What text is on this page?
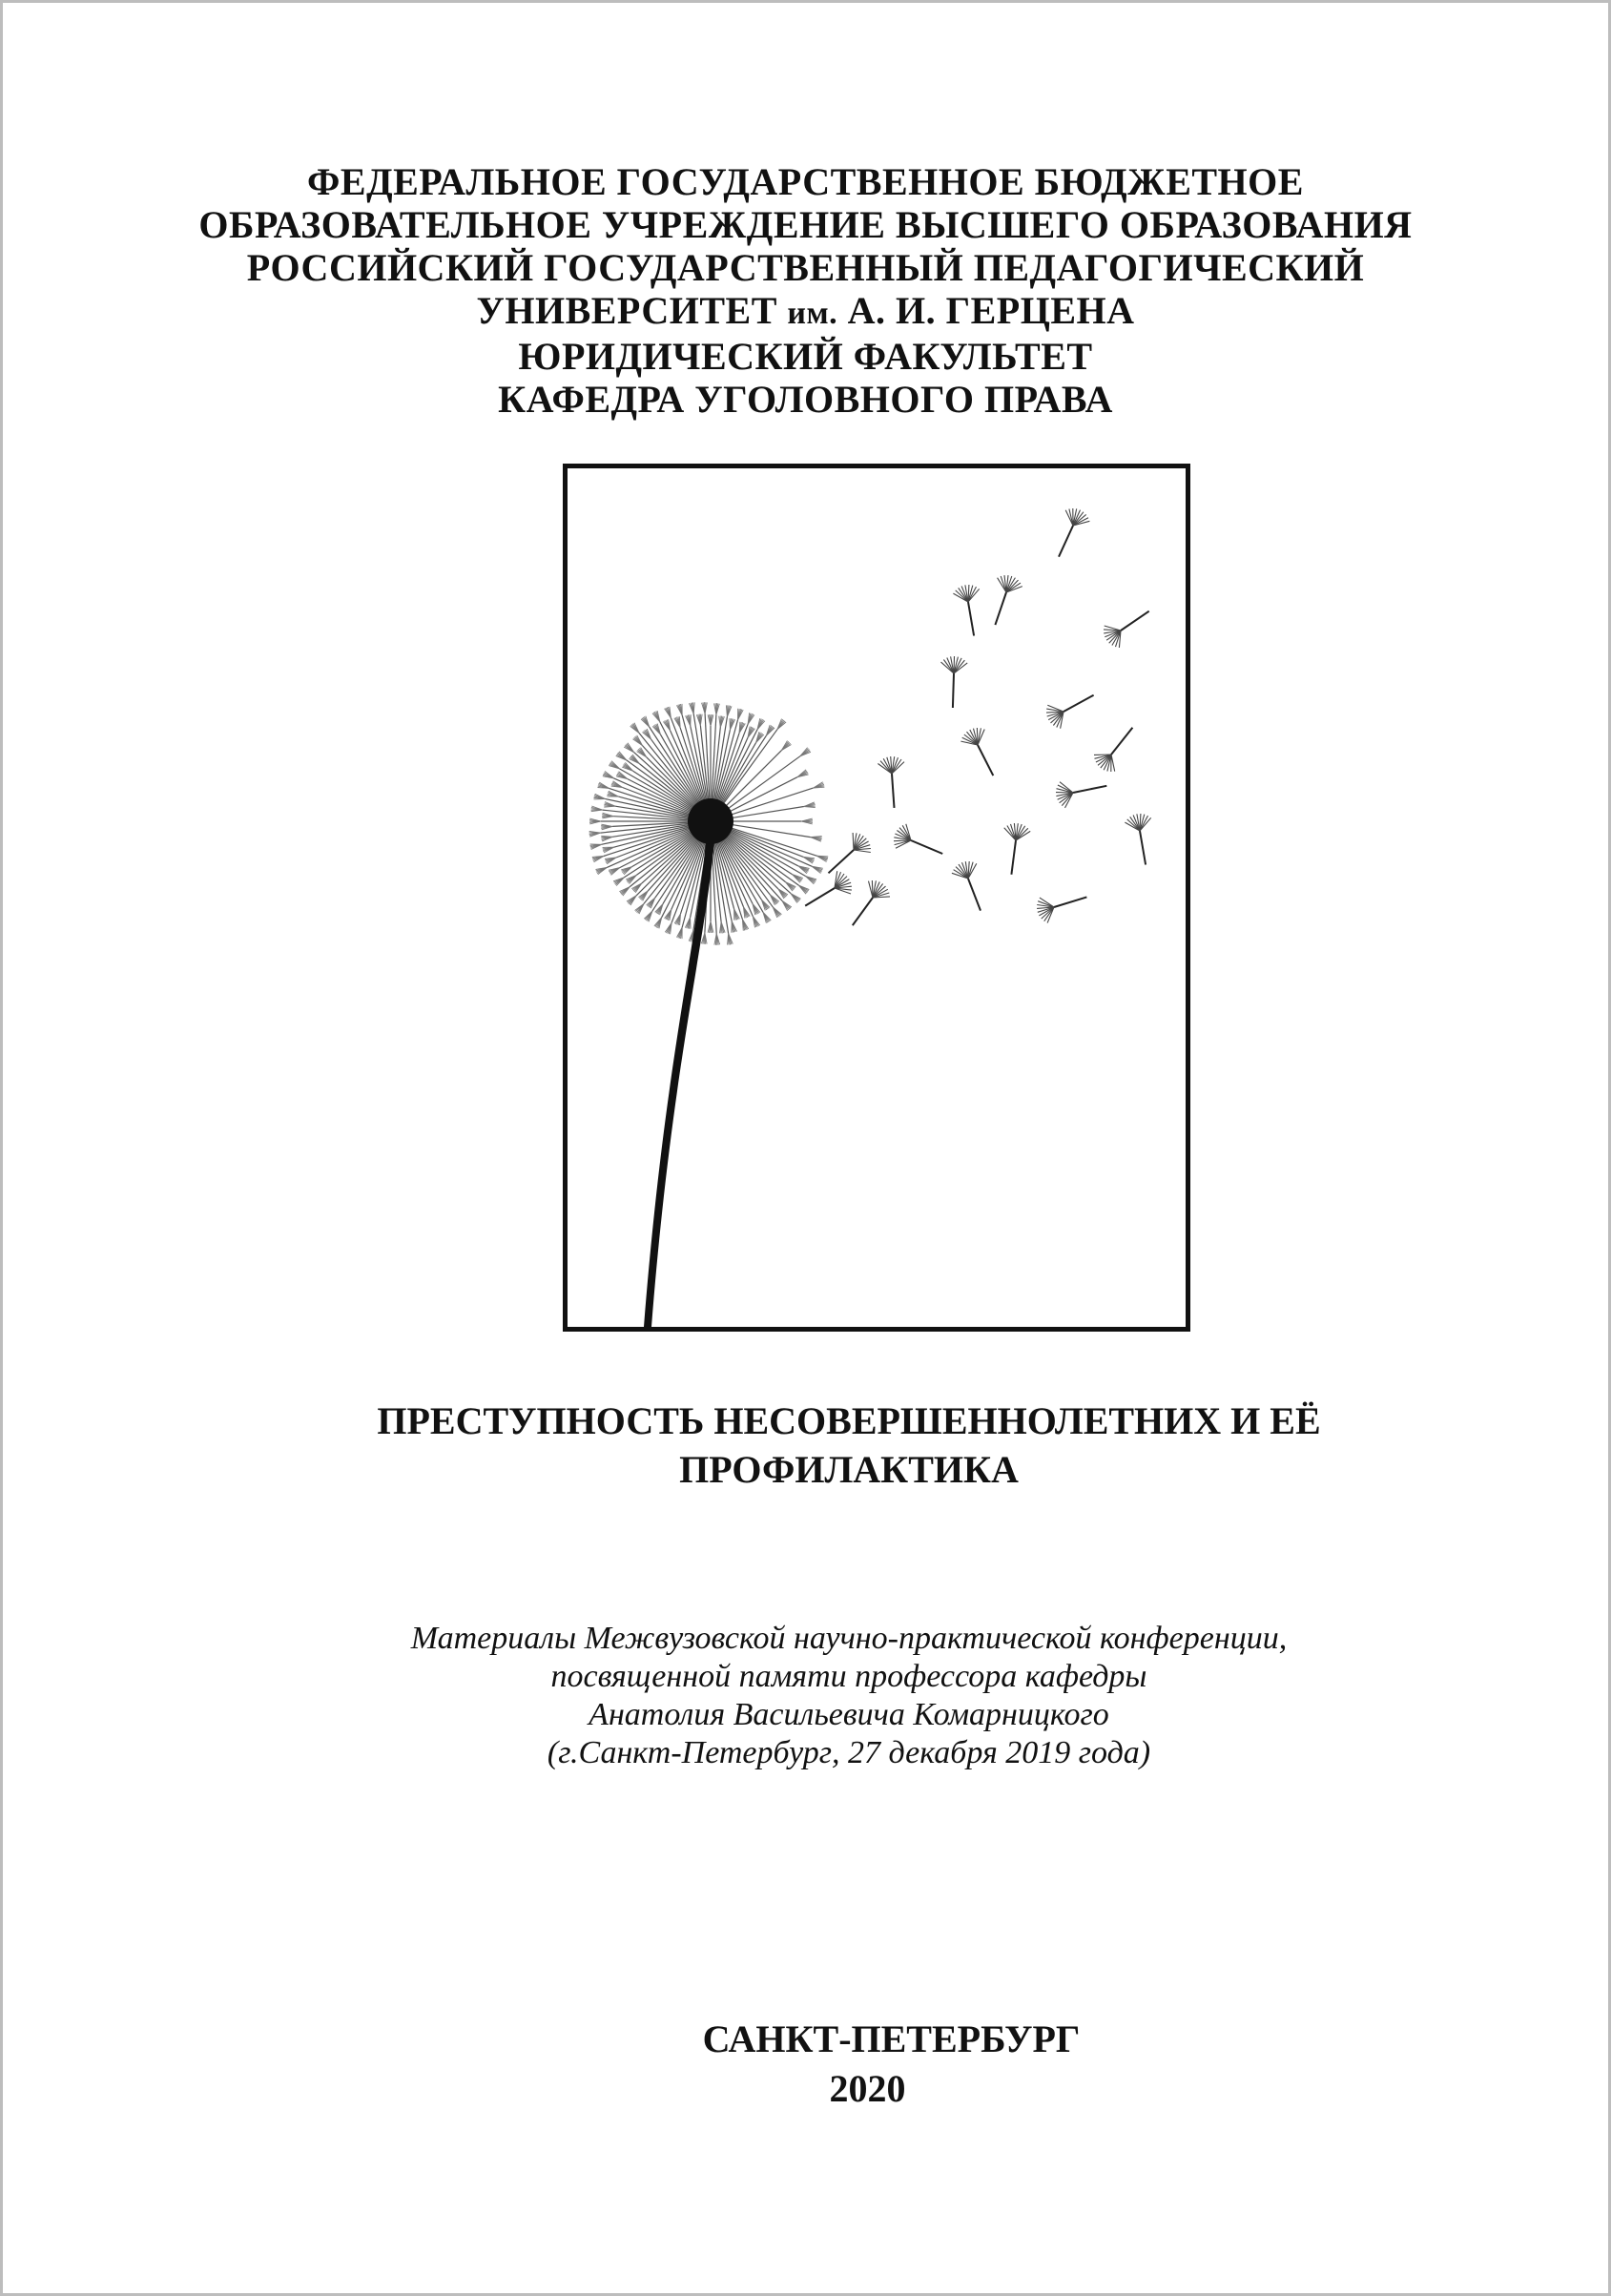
ФЕДЕРАЛЬНОЕ ГОСУДАРСТВЕННОЕ БЮДЖЕТНОЕ
ОБРАЗОВАТЕЛЬНОЕ УЧРЕЖДЕНИЕ ВЫСШЕГО ОБРАЗОВАНИЯ
РОССИЙСКИЙ ГОСУДАРСТВЕННЫЙ ПЕДАГОГИЧЕСКИЙ
УНИВЕРСИТЕТ им. А. И. ГЕРЦЕНА
ЮРИДИЧЕСКИЙ ФАКУЛЬТЕТ
КАФЕДРА УГОЛОВНОГО ПРАВА
ПРЕСТУПНОСТЬ НЕСОВЕРШЕННОЛЕТНИХ И ЕЁ
ПРОФИЛАКТИКА
Материалы Межвузовской научно-практической конференции,
посвященной памяти профессора кафедры
Анатолия Васильевича Комарницкого
(г.Санкт-Петербург, 27 декабря 2019 года)
САНКТ-ПЕТЕРБУРГ
2020
